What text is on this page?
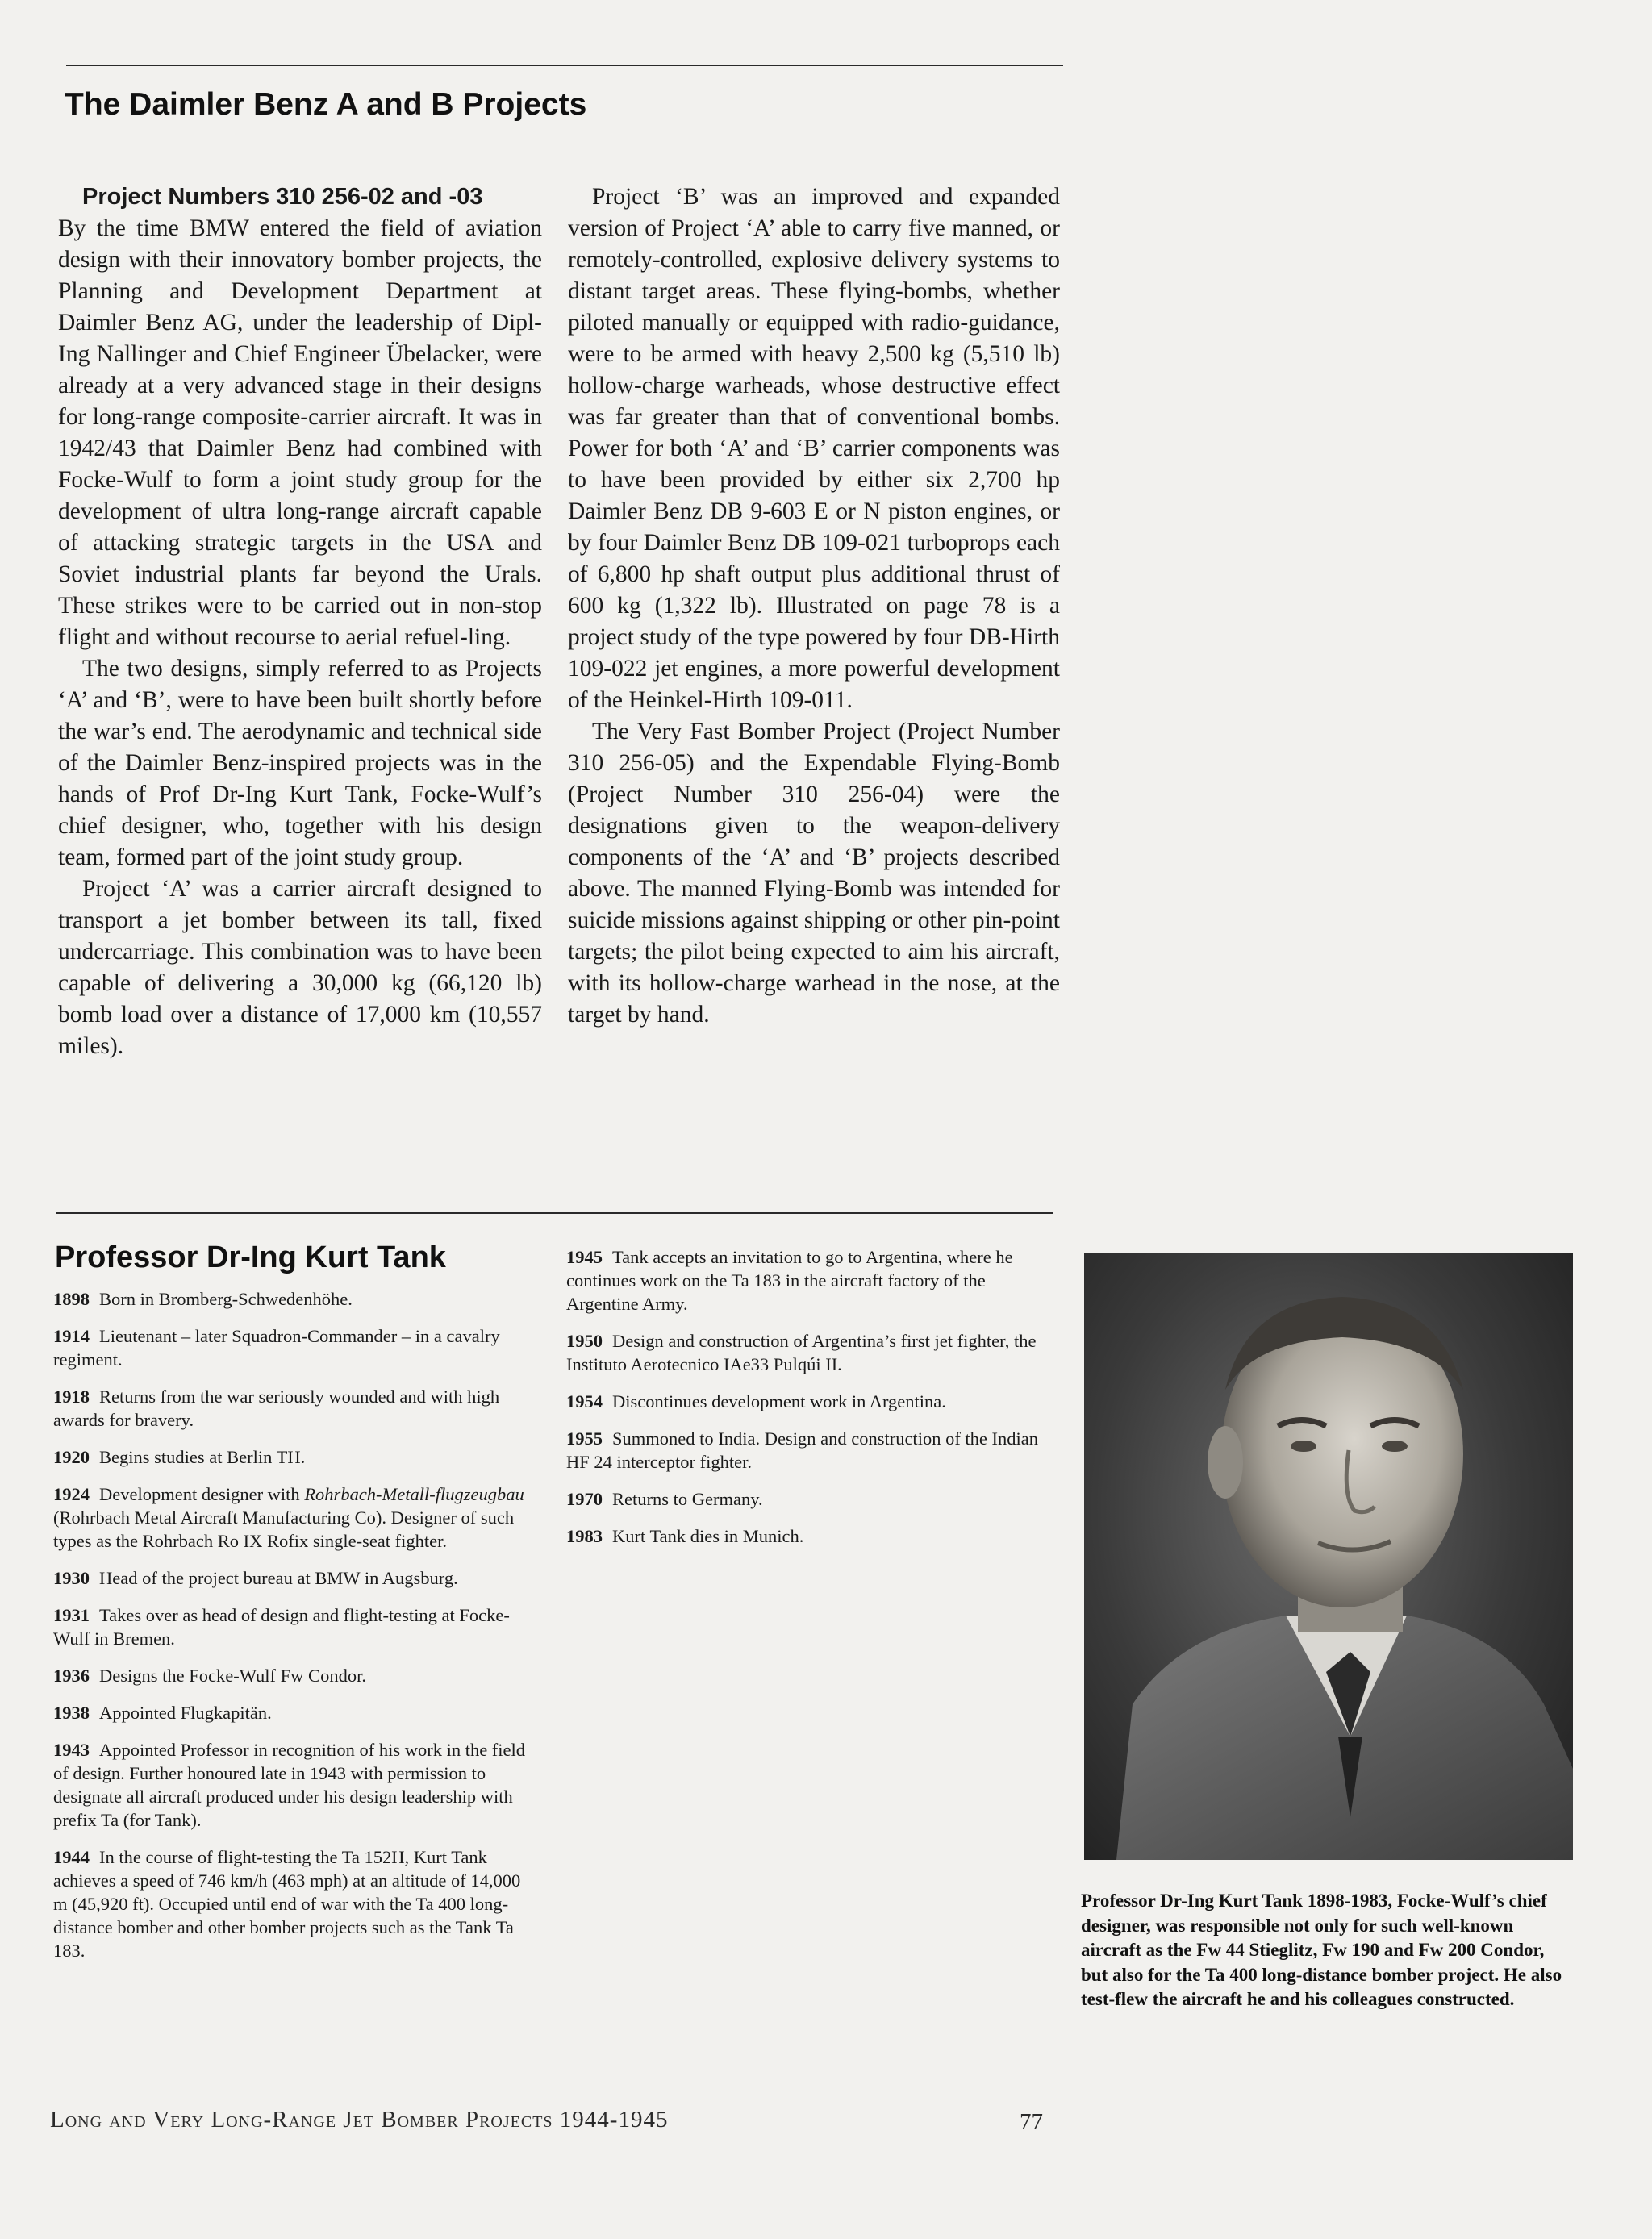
The Daimler Benz A and B Projects

Project Numbers 310 256-02 and -03

By the time BMW entered the field of aviation design with their innovatory bomber projects, the Planning and Development Department at Daimler Benz AG, under the leadership of Dipl-Ing Nallinger and Chief Engineer Übelacker, were already at a very advanced stage in their designs for long-range composite-carrier aircraft. It was in 1942/43 that Daimler Benz had combined with Focke-Wulf to form a joint study group for the development of ultra long-range aircraft capable of attacking strategic targets in the USA and Soviet industrial plants far beyond the Urals. These strikes were to be carried out in non-stop flight and without recourse to aerial refuel-ling.

The two designs, simply referred to as Projects ‘A’ and ‘B’, were to have been built shortly before the war’s end. The aerodynamic and technical side of the Daimler Benz-inspired projects was in the hands of Prof Dr-Ing Kurt Tank, Focke-Wulf’s chief designer, who, together with his design team, formed part of the joint study group.

Project ‘A’ was a carrier aircraft designed to transport a jet bomber between its tall, fixed undercarriage. This combination was to have been capable of delivering a 30,000 kg (66,120 lb) bomb load over a distance of 17,000 km (10,557 miles).

Project ‘B’ was an improved and expanded version of Project ‘A’ able to carry five manned, or remotely-controlled, explosive delivery systems to distant target areas. These flying-bombs, whether piloted manually or equipped with radio-guidance, were to be armed with heavy 2,500 kg (5,510 lb) hollow-charge warheads, whose destructive effect was far greater than that of conventional bombs. Power for both ‘A’ and ‘B’ carrier components was to have been provided by either six 2,700 hp Daimler Benz DB 9-603 E or N piston engines, or by four Daimler Benz DB 109-021 turboprops each of 6,800 hp shaft output plus additional thrust of 600 kg (1,322 lb). Illustrated on page 78 is a project study of the type powered by four DB-Hirth 109-022 jet engines, a more powerful development of the Heinkel-Hirth 109-011.

The Very Fast Bomber Project (Project Number 310 256-05) and the Expendable Flying-Bomb (Project Number 310 256-04) were the designations given to the weapon-delivery components of the ‘A’ and ‘B’ projects described above. The manned Flying-Bomb was intended for suicide missions against shipping or other pin-point targets; the pilot being expected to aim his aircraft, with its hollow-charge warhead in the nose, at the target by hand.

Professor Dr-Ing Kurt Tank
1898 Born in Bromberg-Schwedenhöhe.
1914 Lieutenant – later Squadron-Commander – in a cavalry regiment.
1918 Returns from the war seriously wounded and with high awards for bravery.
1920 Begins studies at Berlin TH.
1924 Development designer with Rohrbach-Metall-flugzeugbau (Rohrbach Metal Aircraft Manufacturing Co). Designer of such types as the Rohrbach Ro IX Rofix single-seat fighter.
1930 Head of the project bureau at BMW in Augsburg.
1931 Takes over as head of design and flight-testing at Focke-Wulf in Bremen.
1936 Designs the Focke-Wulf Fw Condor.
1938 Appointed Flugkapitän.
1943 Appointed Professor in recognition of his work in the field of design. Further honoured late in 1943 with permission to designate all aircraft produced under his design leadership with prefix Ta (for Tank).
1944 In the course of flight-testing the Ta 152H, Kurt Tank achieves a speed of 746 km/h (463 mph) at an altitude of 14,000 m (45,920 ft). Occupied until end of war with the Ta 400 long-distance bomber and other bomber projects such as the Tank Ta 183.
1945 Tank accepts an invitation to go to Argentina, where he continues work on the Ta 183 in the aircraft factory of the Argentine Army.
1950 Design and construction of Argentina’s first jet fighter, the Instituto Aerotecnico IAe33 Pulqúi II.
1954 Discontinues development work in Argentina.
1955 Summoned to India. Design and construction of the Indian HF 24 interceptor fighter.
1970 Returns to Germany.
1983 Kurt Tank dies in Munich.
Professor Dr-Ing Kurt Tank 1898-1983, Focke-Wulf’s chief designer, was responsible not only for such well-known aircraft as the Fw 44 Stieglitz, Fw 190 and Fw 200 Condor, but also for the Ta 400 long-distance bomber project. He also test-flew the aircraft he and his colleagues constructed.
Long and Very Long-Range Jet Bomber Projects 1944-1945	77
